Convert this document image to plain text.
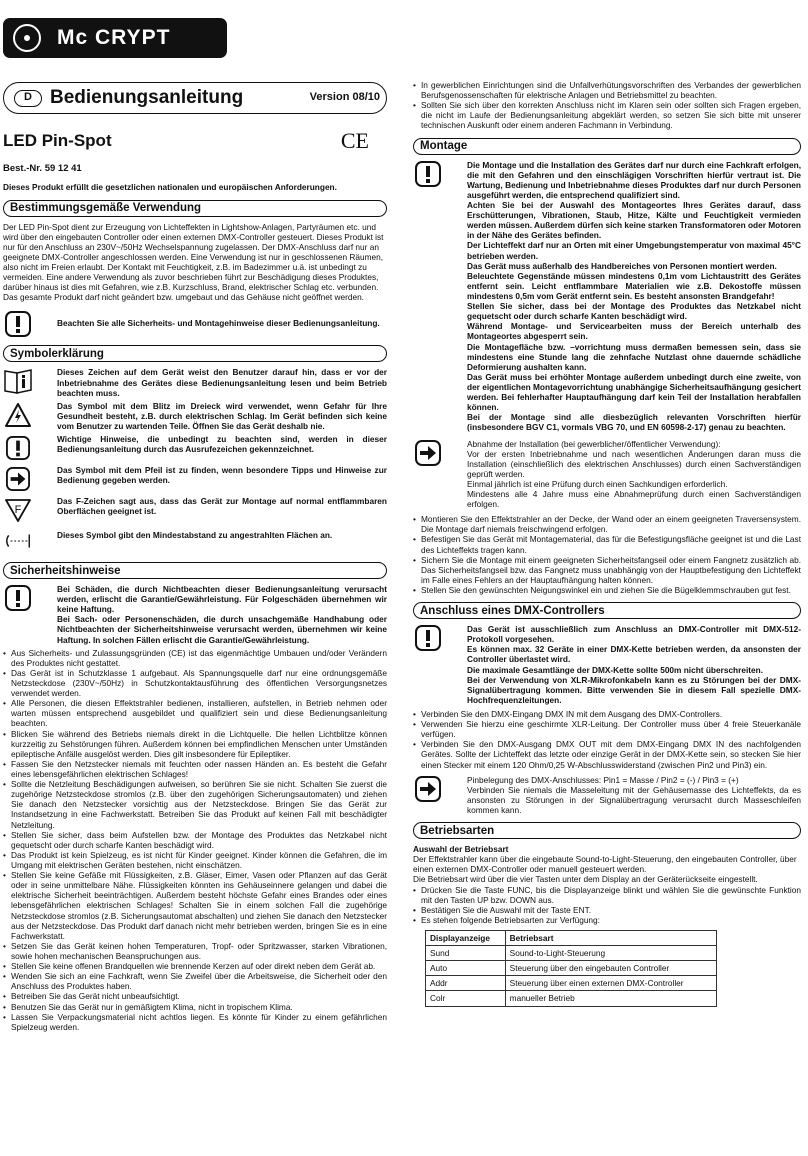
Mc CRYPT
D Bedienungsanleitung	Version 08/10
LED Pin-Spot	CE
Best.-Nr. 59 12 41

Dieses Produkt erfüllt die gesetzlichen nationalen und europäischen Anforderungen.

Bestimmungsgemäße Verwendung

Der LED Pin-Spot dient zur Erzeugung von Lichteffekten in Lightshow-Anlagen, Partyräumen etc. und wird über den eingebauten Controller oder einen externen DMX-Controller gesteuert. Dieses Produkt ist nur für den Anschluss an 230V~/50Hz Wechselspannung zugelassen. Der DMX-Anschluss darf nur an geeignete DMX-Controller angeschlossen werden. Eine Verwendung ist nur in geschlossenen Räumen, also nicht im Freien erlaubt. Der Kontakt mit Feuchtigkeit, z.B. im Badezimmer u.ä. ist unbedingt zu vermeiden. Eine andere Verwendung als zuvor beschrieben führt zur Beschädigung dieses Produktes, darüber hinaus ist dies mit Gefahren, wie z.B. Kurzschluss, Brand, elektrischer Schlag etc. verbunden. Das gesamte Produkt darf nicht geändert bzw. umgebaut und das Gehäuse nicht geöffnet werden.

Beachten Sie alle Sicherheits- und Montagehinweise dieser Bedienungsanleitung.
Symbolerklärung
Dieses Zeichen auf dem Gerät weist den Benutzer darauf hin, dass er vor der Inbetriebnahme des Gerätes diese Bedienungsanleitung lesen und beim Betrieb beachten muss.
Das Symbol mit dem Blitz im Dreieck wird verwendet, wenn Gefahr für Ihre Gesundheit besteht, z.B. durch elektrischen Schlag. Im Gerät befinden sich keine vom Benutzer zu wartenden Teile. Öffnen Sie das Gerät deshalb nie.
Wichtige Hinweise, die unbedingt zu beachten sind, werden in dieser Bedienungsanleitung durch das Ausrufezeichen gekennzeichnet.
Das Symbol mit dem Pfeil ist zu finden, wenn besondere Tipps und Hinweise zur Bedienung gegeben werden.
F
Das F-Zeichen sagt aus, dass das Gerät zur Montage auf normal entflammbaren Oberflächen geeignet ist.
Dieses Symbol gibt den Mindestabstand zu angestrahlten Flächen an.
Sicherheitshinweise

Bei Schäden, die durch Nichtbeachten dieser Bedienungsanleitung verursacht werden, erlischt die Garantie/Gewährleistung. Für Folgeschäden übernehmen wir keine Haftung.

Bei Sach- oder Personenschäden, die durch unsachgemäße Handhabung oder Nichtbeachten der Sicherheitshinweise verursacht werden, übernehmen wir keine Haftung. In solchen Fällen erlischt die Garantie/Gewährleistung.

• Aus Sicherheits- und Zulassungsgründen (CE) ist das eigenmächtige Umbauen und/oder Verändern des Produktes nicht gestattet.
• Das Gerät ist in Schutzklasse 1 aufgebaut. Als Spannungsquelle darf nur eine ordnungsgemäße Netzsteckdose (230V~/50Hz) in Schutzkontaktausführung des öffentlichen Versorgungsnetzes verwendet werden.
• Alle Personen, die diesen Effektstrahler bedienen, installieren, aufstellen, in Betrieb nehmen oder warten müssen entsprechend ausgebildet und qualifiziert sein und diese Bedienungsanleitung beachten.
• Blicken Sie während des Betriebs niemals direkt in die Lichtquelle. Die hellen Lichtblitze können kurzzeitig zu Sehstörungen führen. Außerdem können bei empfindlichen Menschen unter Umständen epileptische Anfälle ausgelöst werden. Dies gilt insbesondere für Epileptiker.
• Fassen Sie den Netzstecker niemals mit feuchten oder nassen Händen an. Es besteht die Gefahr eines lebensgefährlichen elektrischen Schlages!
• Sollte die Netzleitung Beschädigungen aufweisen, so berühren Sie sie nicht. Schalten Sie zuerst die zugehörige Netzsteckdose stromlos (z.B. über den zugehörigen Sicherungsautomaten) und ziehen Sie danach den Netzstecker vorsichtig aus der Netzsteckdose. Bringen Sie das Gerät zur Instandsetzung in eine Fachwerkstatt. Betreiben Sie das Produkt auf keinen Fall mit beschädigter Netzleitung.
• Stellen Sie sicher, dass beim Aufstellen bzw. der Montage des Produktes das Netzkabel nicht gequetscht oder durch scharfe Kanten beschädigt wird.
• Das Produkt ist kein Spielzeug, es ist nicht für Kinder geeignet. Kinder können die Gefahren, die im Umgang mit elektrischen Geräten bestehen, nicht einschätzen.
• Stellen Sie keine Gefäße mit Flüssigkeiten, z.B. Gläser, Eimer, Vasen oder Pflanzen auf das Gerät oder in seine unmittelbare Nähe. Flüssigkeiten könnten ins Gehäuseinnere gelangen und dabei die elektrische Sicherheit beeinträchtigen. Außerdem besteht höchste Gefahr eines Brandes oder eines lebensgefährlichen elektrischen Schlages! Schalten Sie in einem solchen Fall die zugehörige Netzsteckdose stromlos (z.B. Sicherungsautomat abschalten) und ziehen Sie danach den Netzstecker aus der Netzsteckdose. Das Produkt darf danach nicht mehr betrieben werden, bringen Sie es in eine Fachwerkstatt.
• Setzen Sie das Gerät keinen hohen Temperaturen, Tropf- oder Spritzwasser, starken Vibrationen, sowie hohen mechanischen Beanspruchungen aus.
• Stellen Sie keine offenen Brandquellen wie brennende Kerzen auf oder direkt neben dem Gerät ab.
• Wenden Sie sich an eine Fachkraft, wenn Sie Zweifel über die Arbeitsweise, die Sicherheit oder den Anschluss des Produktes haben.
• Betreiben Sie das Gerät nicht unbeaufsichtigt.
• Benutzen Sie das Gerät nur in gemäßigtem Klima, nicht in tropischem Klima.
• Lassen Sie Verpackungsmaterial nicht achtlos liegen. Es könnte für Kinder zu einem gefährlichen Spielzeug werden.
• In gewerblichen Einrichtungen sind die Unfallverhütungsvorschriften des Verbandes der gewerblichen Berufsgenossenschaften für elektrische Anlagen und Betriebsmittel zu beachten.
• Sollten Sie sich über den korrekten Anschluss nicht im Klaren sein oder sollten sich Fragen ergeben, die nicht im Laufe der Bedienungsanleitung abgeklärt werden, so setzen Sie sich bitte mit unserer technischen Auskunft oder einem anderen Fachmann in Verbindung.
Montage

Die Montage und die Installation des Gerätes darf nur durch eine Fachkraft erfolgen, die mit den Gefahren und den einschlägigen Vorschriften hierfür vertraut ist. Die Wartung, Bedienung und Inbetriebnahme dieses Produktes darf nur durch Personen ausgeführt werden, die entsprechend qualifiziert sind.

Achten Sie bei der Auswahl des Montageortes Ihres Gerätes darauf, dass Erschütterungen, Vibrationen, Staub, Hitze, Kälte und Feuchtigkeit vermieden werden müssen. Außerdem dürfen sich keine starken Transformatoren oder Motoren in der Nähe des Gerätes befinden.

Der Lichteffekt darf nur an Orten mit einer Umgebungstemperatur von maximal 45°C betrieben werden.

Das Gerät muss außerhalb des Handbereiches von Personen montiert werden.

Beleuchtete Gegenstände müssen mindestens 0,1m vom Lichtaustritt des Gerätes entfernt sein. Leicht entflammbare Materialien wie z.B. Dekostoffe müssen mindestens 0,5m vom Gerät entfernt sein. Es besteht ansonsten Brandgefahr!

Stellen Sie sicher, dass bei der Montage des Produktes das Netzkabel nicht gequetscht oder durch scharfe Kanten beschädigt wird.

Während Montage- und Servicearbeiten muss der Bereich unterhalb des Montageortes abgesperrt sein.

Die Montagefläche bzw. –vorrichtung muss dermaßen bemessen sein, dass sie mindestens eine Stunde lang die zehnfache Nutzlast ohne dauernde schädliche Deformierung aushalten kann.

Das Gerät muss bei erhöhter Montage außerdem unbedingt durch eine zweite, von der eigentlichen Montagevorrichtung unabhängige Sicherheitsaufhängung gesichert werden. Bei fehlerhafter Hauptaufhängung darf kein Teil der Installation herabfallen können.

Bei der Montage sind alle diesbezüglich relevanten Vorschriften hierfür (insbesondere BGV C1, vormals VBG 70, und EN 60598-2-17) genau zu beachten.

Abnahme der Installation (bei gewerblicher/öffentlicher Verwendung):

Vor der ersten Inbetriebnahme und nach wesentlichen Änderungen daran muss die Installation (einschließlich des elektrischen Anschlusses) durch einen Sachverständigen geprüft werden.

Einmal jährlich ist eine Prüfung durch einen Sachkundigen erforderlich.

Mindestens alle 4 Jahre muss eine Abnahmeprüfung durch einen Sachverständigen erfolgen.

• Montieren Sie den Effektstrahler an der Decke, der Wand oder an einem geeigneten Traversensystem. Die Montage darf niemals freischwingend erfolgen.
• Befestigen Sie das Gerät mit Montagematerial, das für die Befestigungsfläche geeignet ist und die Last des Lichteffekts tragen kann.
• Sichern Sie die Montage mit einem geeigneten Sicherheitsfangseil oder einem Fangnetz zusätzlich ab. Das Sicherheitsfangseil bzw. das Fangnetz muss unabhängig von der Hauptbefestigung den Lichteffekt im Falle eines Fehlers an der Hauptaufhängung halten können.
• Stellen Sie den gewünschten Neigungswinkel ein und ziehen Sie die Bügelklemmschrauben gut fest.
Anschluss eines DMX-Controllers

Das Gerät ist ausschließlich zum Anschluss an DMX-Controller mit DMX-512-Protokoll vorgesehen.

Es können max. 32 Geräte in einer DMX-Kette betrieben werden, da ansonsten der Controller überlastet wird.

Die maximale Gesamtlänge der DMX-Kette sollte 500m nicht überschreiten.

Bei der Verwendung von XLR-Mikrofonkabeln kann es zu Störungen bei der DMX-Signalübertragung kommen. Bitte verwenden Sie in diesem Fall spezielle DMX-Hochfrequenzleitungen.

• Verbinden Sie den DMX-Eingang DMX IN mit dem Ausgang des DMX-Controllers.
• Verwenden Sie hierzu eine geschirmte XLR-Leitung. Der Controller muss über 4 freie Steuerkanäle verfügen.
• Verbinden Sie den DMX-Ausgang DMX OUT mit dem DMX-Eingang DMX IN des nachfolgenden Gerätes. Sollte der Lichteffekt das letzte oder einzige Gerät in der DMX-Kette sein, so stecken Sie hier einen Stecker mit einem 120 Ohm/0,25 W-Abschlusswiderstand (zwischen Pin2 und Pin3) ein.

Pinbelegung des DMX-Anschlusses: Pin1 = Masse / Pin2 = (-) / Pin3 = (+)

Verbinden Sie niemals die Masseleitung mit der Gehäusemasse des Lichteffekts, da es ansonsten zu Störungen in der Signalübertragung verursacht durch Masseschleifen kommen kann.

Betriebsarten

Auswahl der Betriebsart

Der Effektstrahler kann über die eingebaute Sound-to-Light-Steuerung, den eingebauten Controller, über einen externen DMX-Controller oder manuell gesteuert werden.

Die Betriebsart wird über die vier Tasten unter dem Display an der Geräterückseite eingestellt.

• Drücken Sie die Taste FUNC, bis die Displayanzeige blinkt und wählen Sie die gewünschte Funktion mit den Tasten UP bzw. DOWN aus.
• Bestätigen Sie die Auswahl mit der Taste ENT.
• Es stehen folgende Betriebsarten zur Verfügung:
Displayanzeige	Betriebsart
Sund	Sound-to-Light-Steuerung
Auto	Steuerung über den eingebauten Controller
Addr	Steuerung über einen externen DMX-Controller
Colr	manueller Betrieb
